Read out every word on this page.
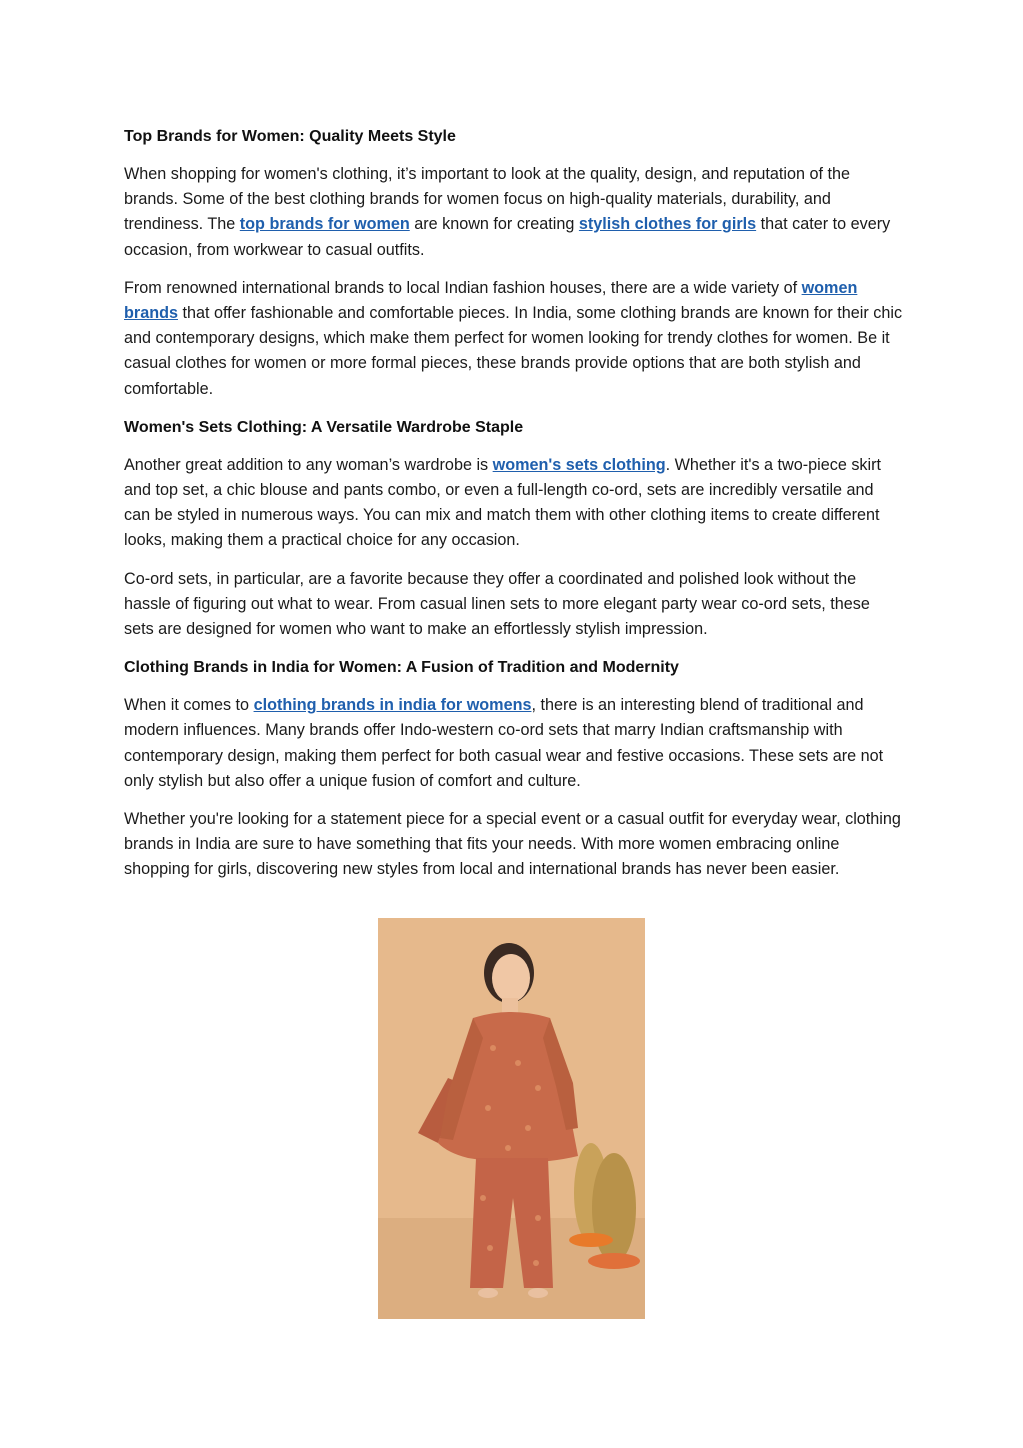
Top Brands for Women: Quality Meets Style

When shopping for women's clothing, it’s important to look at the quality, design, and reputation of the brands. Some of the best clothing brands for women focus on high-quality materials, durability, and trendiness. The top brands for women are known for creating stylish clothes for girls that cater to every occasion, from workwear to casual outfits.

From renowned international brands to local Indian fashion houses, there are a wide variety of women brands that offer fashionable and comfortable pieces. In India, some clothing brands are known for their chic and contemporary designs, which make them perfect for women looking for trendy clothes for women. Be it casual clothes for women or more formal pieces, these brands provide options that are both stylish and comfortable.

Women's Sets Clothing: A Versatile Wardrobe Staple

Another great addition to any woman’s wardrobe is women's sets clothing. Whether it's a two-piece skirt and top set, a chic blouse and pants combo, or even a full-length co-ord, sets are incredibly versatile and can be styled in numerous ways. You can mix and match them with other clothing items to create different looks, making them a practical choice for any occasion.

Co-ord sets, in particular, are a favorite because they offer a coordinated and polished look without the hassle of figuring out what to wear. From casual linen sets to more elegant party wear co-ord sets, these sets are designed for women who want to make an effortlessly stylish impression.

Clothing Brands in India for Women: A Fusion of Tradition and Modernity

When it comes to clothing brands in india for womens, there is an interesting blend of traditional and modern influences. Many brands offer Indo-western co-ord sets that marry Indian craftsmanship with contemporary design, making them perfect for both casual wear and festive occasions. These sets are not only stylish but also offer a unique fusion of comfort and culture.

Whether you're looking for a statement piece for a special event or a casual outfit for everyday wear, clothing brands in India are sure to have something that fits your needs. With more women embracing online shopping for girls, discovering new styles from local and international brands has never been easier.
